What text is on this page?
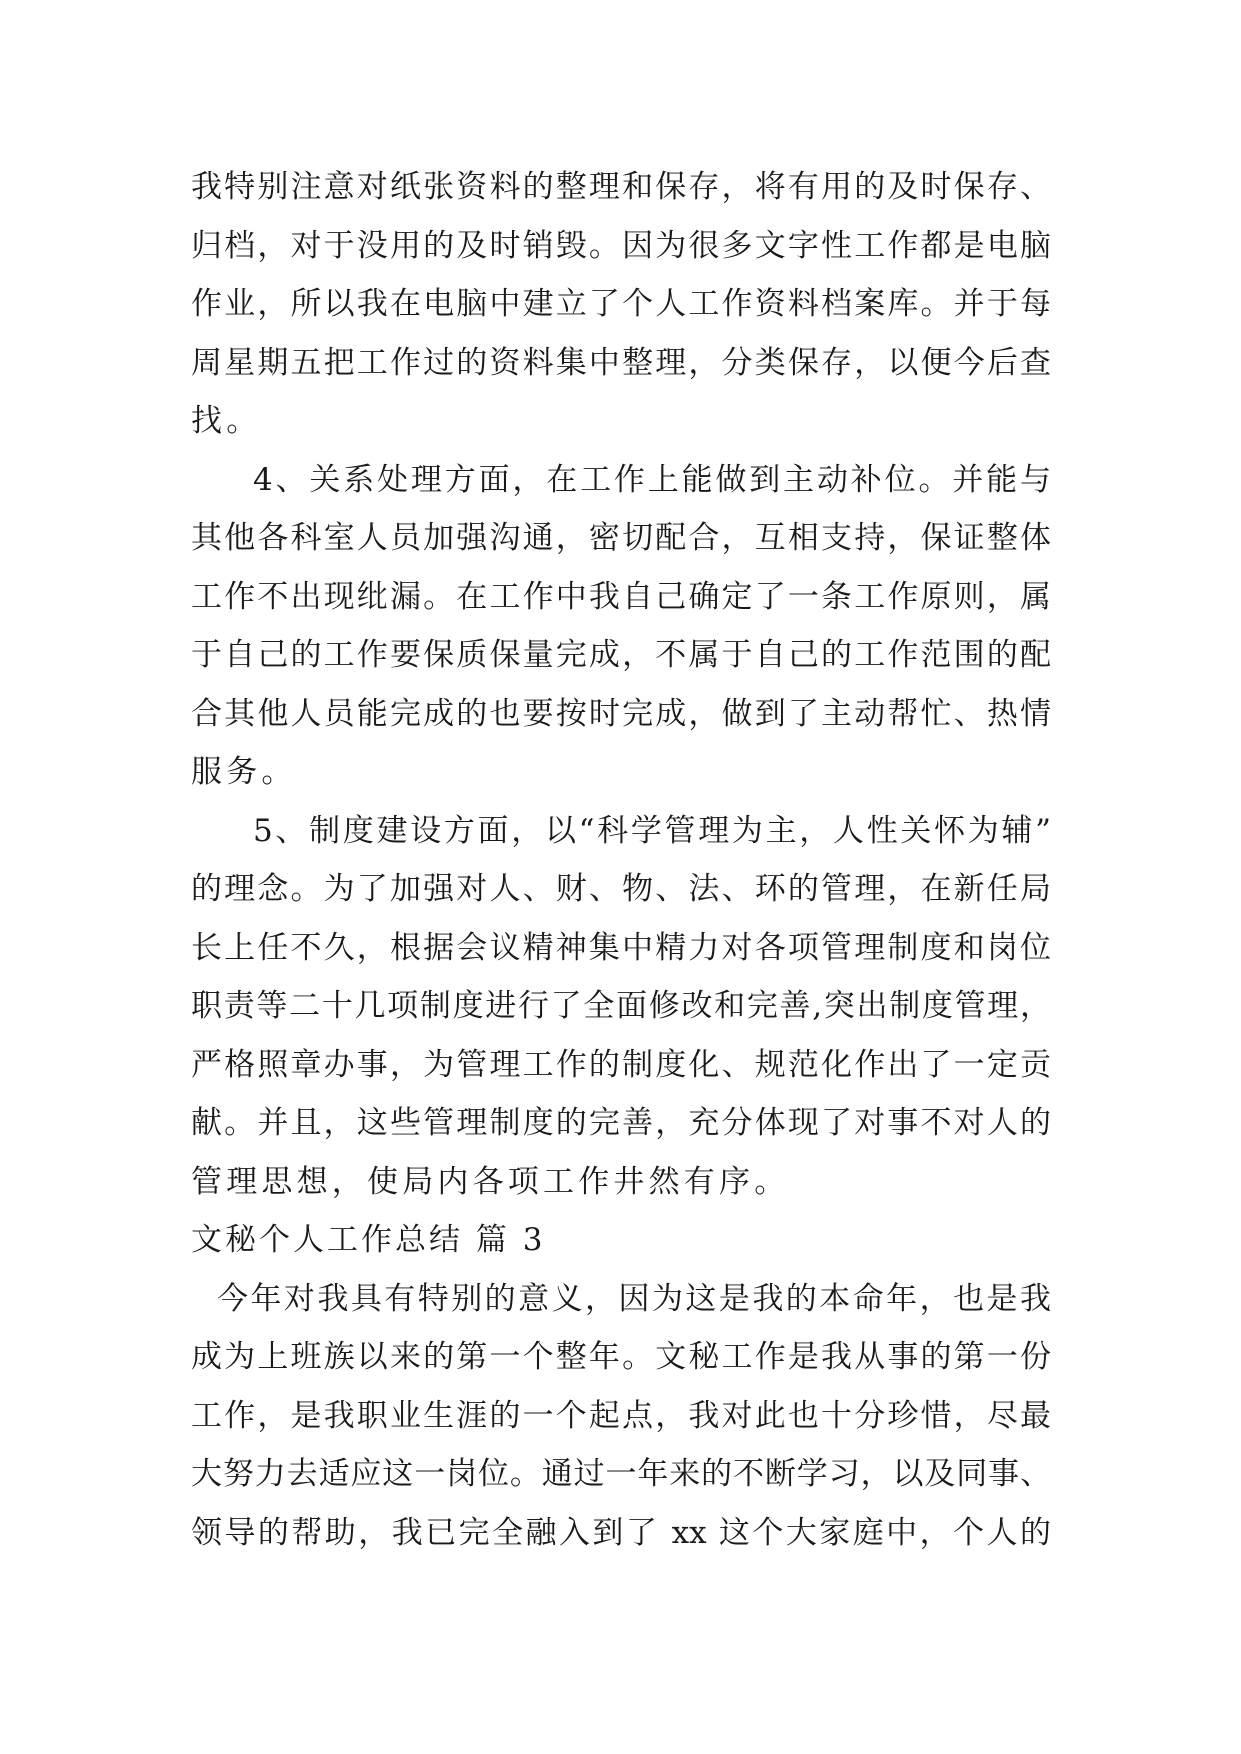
我特别注意对纸张资料的整理和保存，将有用的及时保存、
归档，对于没用的及时销毁。因为很多文字性工作都是电脑
作业，所以我在电脑中建立了个人工作资料档案库。并于每
周星期五把工作过的资料集中整理，分类保存，以便今后查
找。
4、关系处理方面，在工作上能做到主动补位。并能与
其他各科室人员加强沟通，密切配合，互相支持，保证整体
工作不出现纰漏。在工作中我自己确定了一条工作原则，属
于自己的工作要保质保量完成，不属于自己的工作范围的配
合其他人员能完成的也要按时完成，做到了主动帮忙、热情
服务。
5、制度建设方面，以“科学管理为主，人性关怀为辅”
的理念。为了加强对人、财、物、法、环的管理，在新任局
长上任不久，根据会议精神集中精力对各项管理制度和岗位
职责等二十几项制度进行了全面修改和完善,突出制度管理，
严格照章办事，为管理工作的制度化、规范化作出了一定贡
献。并且，这些管理制度的完善，充分体现了对事不对人的
管理思想，使局内各项工作井然有序。
文秘个人工作总结 篇 3
今年对我具有特别的意义，因为这是我的本命年，也是我
成为上班族以来的第一个整年。文秘工作是我从事的第一份
工作，是我职业生涯的一个起点，我对此也十分珍惜，尽最
大努力去适应这一岗位。通过一年来的不断学习，以及同事、
领导的帮助，我已完全融入到了 xx 这个大家庭中，个人的
